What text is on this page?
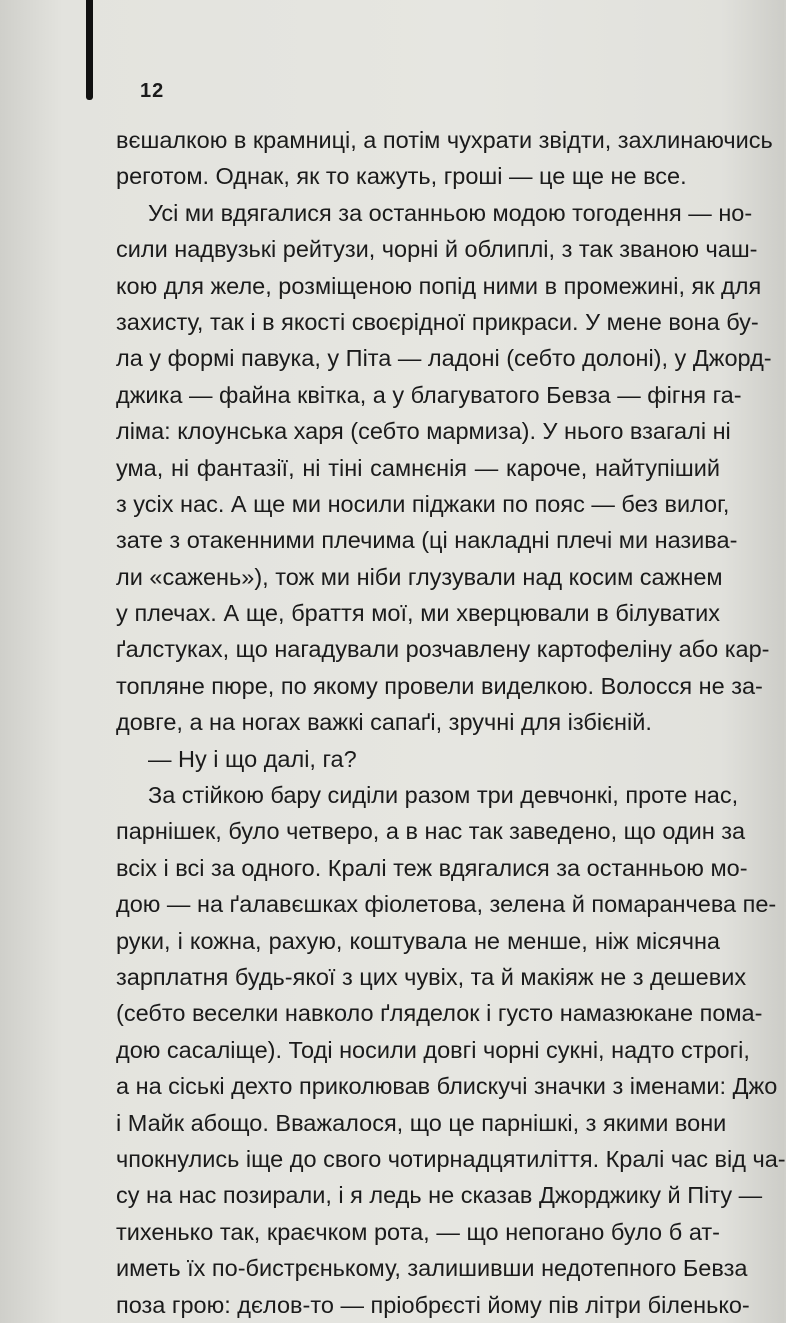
12
вєшалкою в крамниці, а потім чухрати звідти, захлинаючись
реготом. Однак, як то кажуть, гроші — це ще не все.
Усі ми вдягалися за останньою модою тогодення — но-
сили надвузькі рейтузи, чорні й облиплі, з так званою чаш-
кою для желе, розміщеною попід ними в промежині, як для
захисту, так і в якості своєрідної прикраси. У мене вона бу-
ла у формі павука, у Піта — ладоні (себто долоні), у Джорд-
джика — файна квітка, а у благуватого Бевза — фігня га-
ліма: клоунська харя (себто мармиза). У нього взагалі ні
ума, ні фантазії, ні тіні самнєнія — кароче, найтупіший
з усіх нас. А ще ми носили піджаки по пояс — без вилог,
зате з отакенними плечима (ці накладні плечі ми назива-
ли «сажень»), тож ми ніби глузували над косим сажнем
у плечах. А ще, браття мої, ми хверцювали в білуватих
ґалстуках, що нагадували розчавлену картофеліну або кар-
топляне пюре, по якому провели виделкою. Волосся не за-
довге, а на ногах важкі сапаґі, зручні для ізбієній.
— Ну і що далі, га?
За стійкою бару сиділи разом три девчонкі, проте нас,
парнішек, було четверо, а в нас так заведено, що один за
всіх і всі за одного. Кралі теж вдягалися за останньою мо-
дою — на ґалавєшках фіолетова, зелена й помаранчева пе-
руки, і кожна, рахую, коштувала не менше, ніж місячна
зарплатня будь-якої з цих чувіх, та й макіяж не з дешевих
(себто веселки навколо ґляделок і густо намазюкане пома-
дою сасаліще). Тоді носили довгі чорні сукні, надто строгі,
а на сіські дехто приколював блискучі значки з іменами: Джо
і Майк абощо. Вважалося, що це парнішкі, з якими вони
чпокнулись іще до свого чотирнадцятиліття. Кралі час від ча-
су на нас позирали, і я ледь не сказав Джорджику й Піту —
тихенько так, краєчком рота, — що непогано було б ат-
иметь їх по-бистрєнькому, залишивши недотепного Бевза
поза грою: дєлов-то — пріобрєсті йому пів літри біленько-
